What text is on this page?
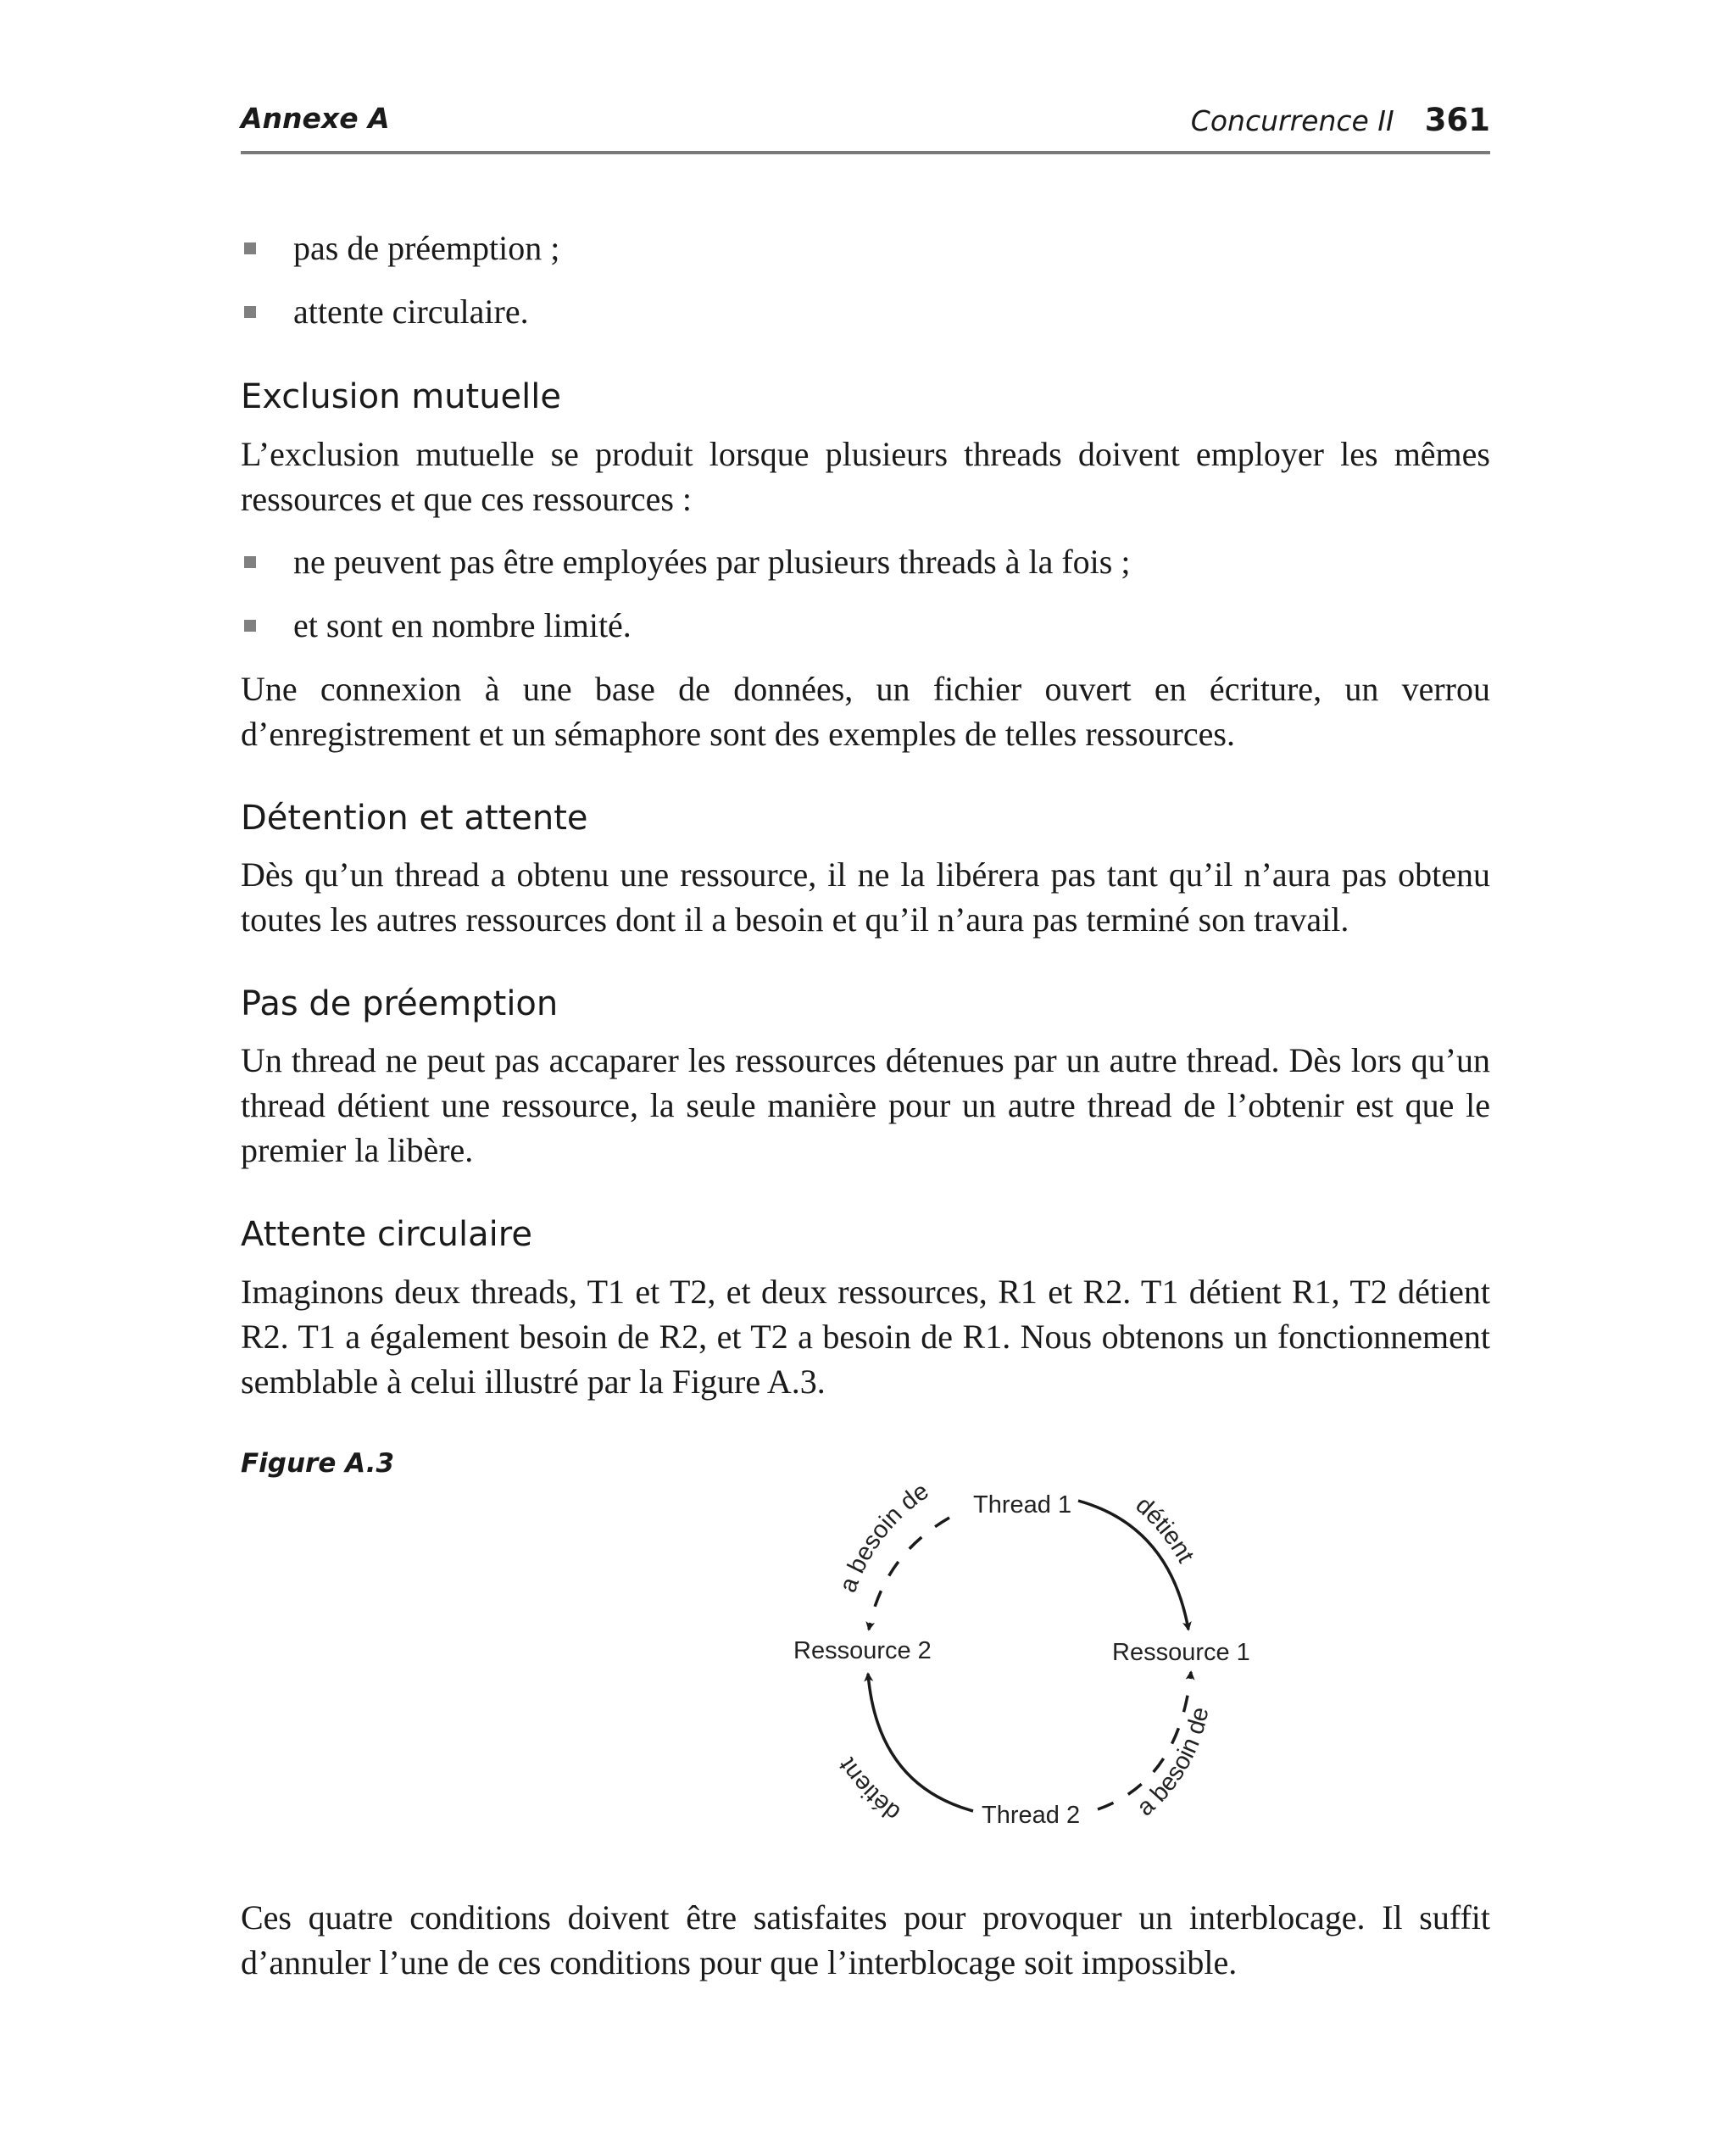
Annexe A	Concurrence II 361
pas de préemption ;
attente circulaire.
Exclusion mutuelle

L’exclusion mutuelle se produit lorsque plusieurs threads doivent employer les mêmes ressources et que ces ressources :

ne peuvent pas être employées par plusieurs threads à la fois ;
et sont en nombre limité.

Une connexion à une base de données, un fichier ouvert en écriture, un verrou d’enregistrement et un sémaphore sont des exemples de telles ressources.

Détention et attente

Dès qu’un thread a obtenu une ressource, il ne la libérera pas tant qu’il n’aura pas obtenu toutes les autres ressources dont il a besoin et qu’il n’aura pas terminé son travail.

Pas de préemption

Un thread ne peut pas accaparer les ressources détenues par un autre thread. Dès lors qu’un thread détient une ressource, la seule manière pour un autre thread de l’obtenir est que le premier la libère.

Attente circulaire

Imaginons deux threads, T1 et T2, et deux ressources, R1 et R2. T1 détient R1, T2 détient R2. T1 a également besoin de R2, et T2 a besoin de R1. Nous obtenons un fonctionnement semblable à celui illustré par la Figure A.3.

Figure A.3
Thread 1
Ressource 1
Ressource 2
Thread 2
a besoin de	détient
a besoin de
détient

Ces quatre conditions doivent être satisfaites pour provoquer un interblocage. Il suffit d’annuler l’une de ces conditions pour que l’interblocage soit impossible.
